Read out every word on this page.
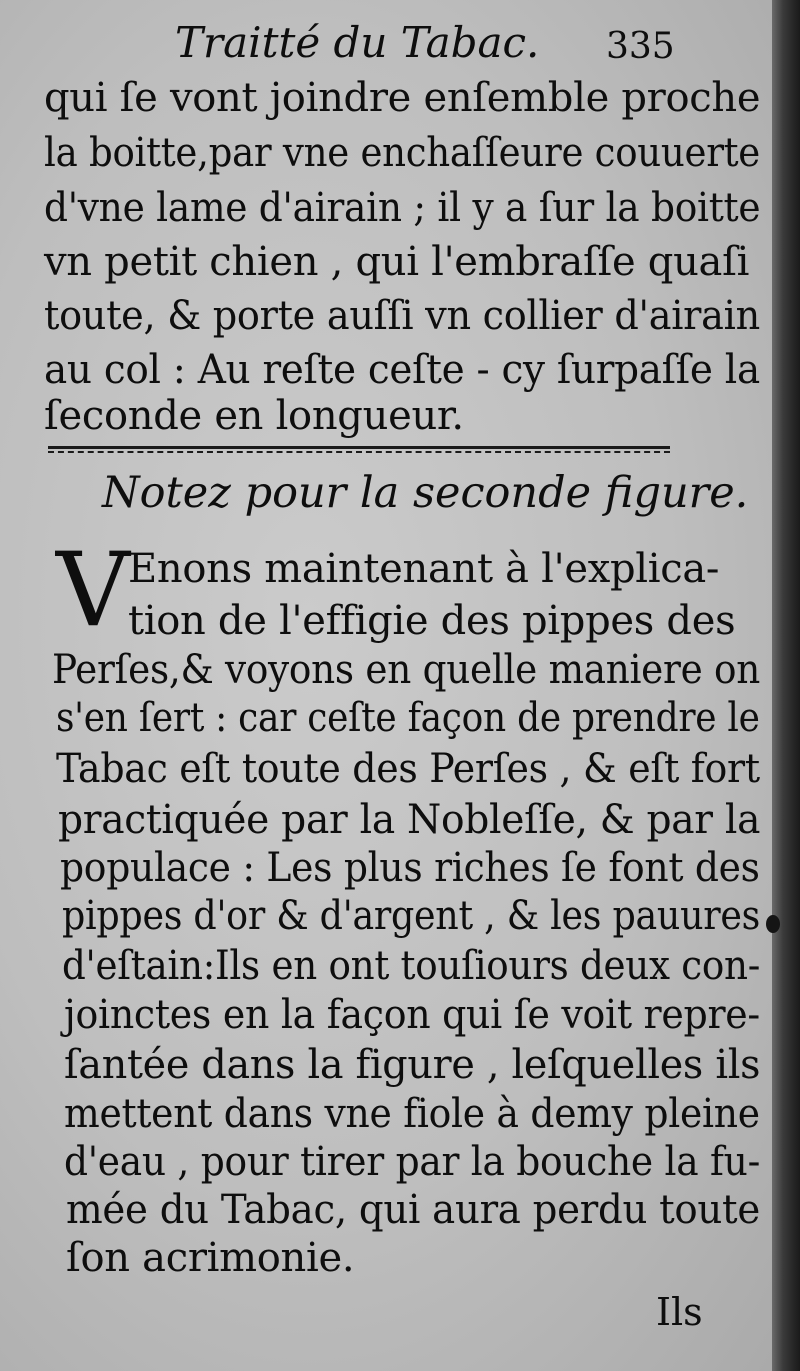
Traitté du Tabac. 335
qui ſe vont joindre enſemble proche
la boitte,par vne enchaſſeure couuerte
d'vne lame d'airain ; il y a ſur la boitte
vn petit chien , qui l'embraſſe quaſi
toute, & porte auſſi vn collier d'airain
au col : Au reſte ceſte - cy ſurpaſſe la
ſeconde en longueur.
Notez pour la seconde figure.
V
Enons maintenant à l'explica-
tion de l'effigie des pippes des
Perſes,& voyons en quelle maniere on
s'en ſert : car ceſte façon de prendre le
Tabac eſt toute des Perſes , & eſt fort
practiquée par la Nobleſſe, & par la
populace : Les plus riches ſe font des
pippes d'or & d'argent , & les pauures
d'eſtain:Ils en ont touſiours deux con-
joinctes en la façon qui ſe voit repre-
ſantée dans la figure , leſquelles ils
mettent dans vne fiole à demy pleine
d'eau , pour tirer par la bouche la fu-
mée du Tabac, qui aura perdu toute
ſon acrimonie.
Ils
